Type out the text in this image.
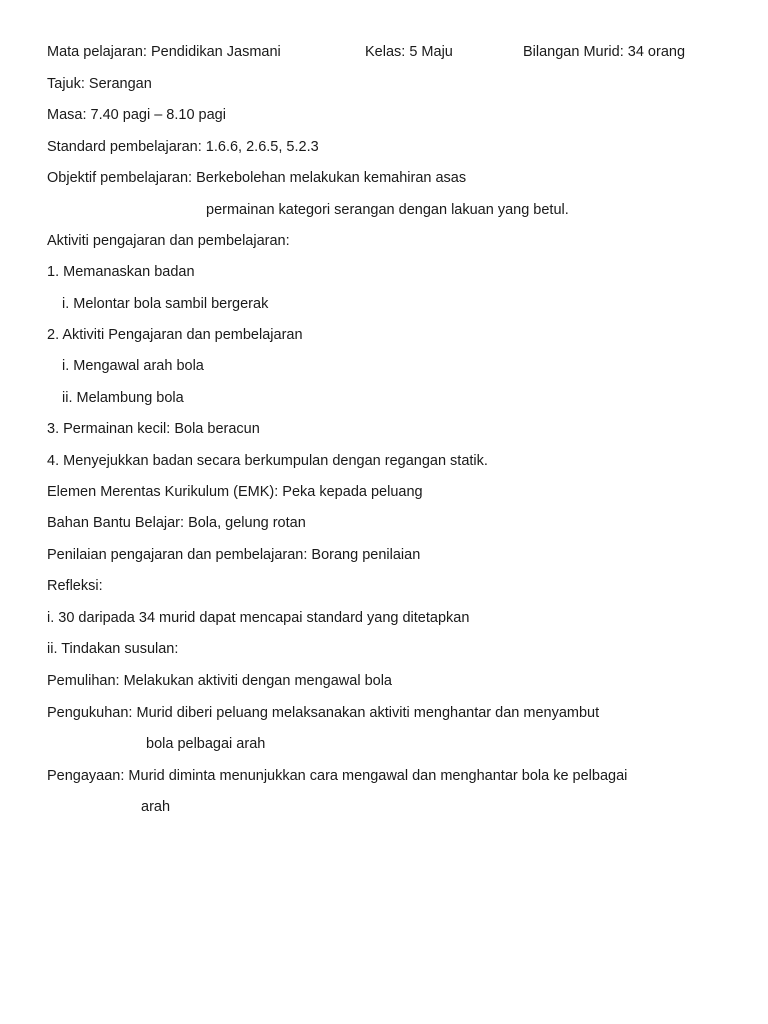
Mata pelajaran: Pendidikan Jasmani	Kelas: 5 Maju	Bilangan Murid: 34 orang
Tajuk: Serangan
Masa: 7.40 pagi – 8.10 pagi
Standard pembelajaran: 1.6.6, 2.6.5, 5.2.3
Objektif pembelajaran: Berkebolehan melakukan kemahiran asas
permainan kategori serangan dengan lakuan yang betul.
Aktiviti pengajaran dan pembelajaran:
1. Memanaskan badan
i. Melontar bola sambil bergerak
2. Aktiviti Pengajaran dan pembelajaran
i. Mengawal arah bola
ii. Melambung bola
3. Permainan kecil: Bola beracun
4. Menyejukkan badan secara berkumpulan dengan regangan statik.
Elemen Merentas Kurikulum (EMK): Peka kepada peluang
Bahan Bantu Belajar: Bola, gelung rotan
Penilaian pengajaran dan pembelajaran: Borang penilaian
Refleksi:
i. 30 daripada 34 murid dapat mencapai standard yang ditetapkan
ii. Tindakan susulan:
Pemulihan: Melakukan aktiviti dengan mengawal bola
Pengukuhan: Murid diberi peluang melaksanakan aktiviti menghantar dan menyambut
bola pelbagai arah
Pengayaan: Murid diminta menunjukkan cara mengawal dan menghantar bola ke pelbagai
arah
